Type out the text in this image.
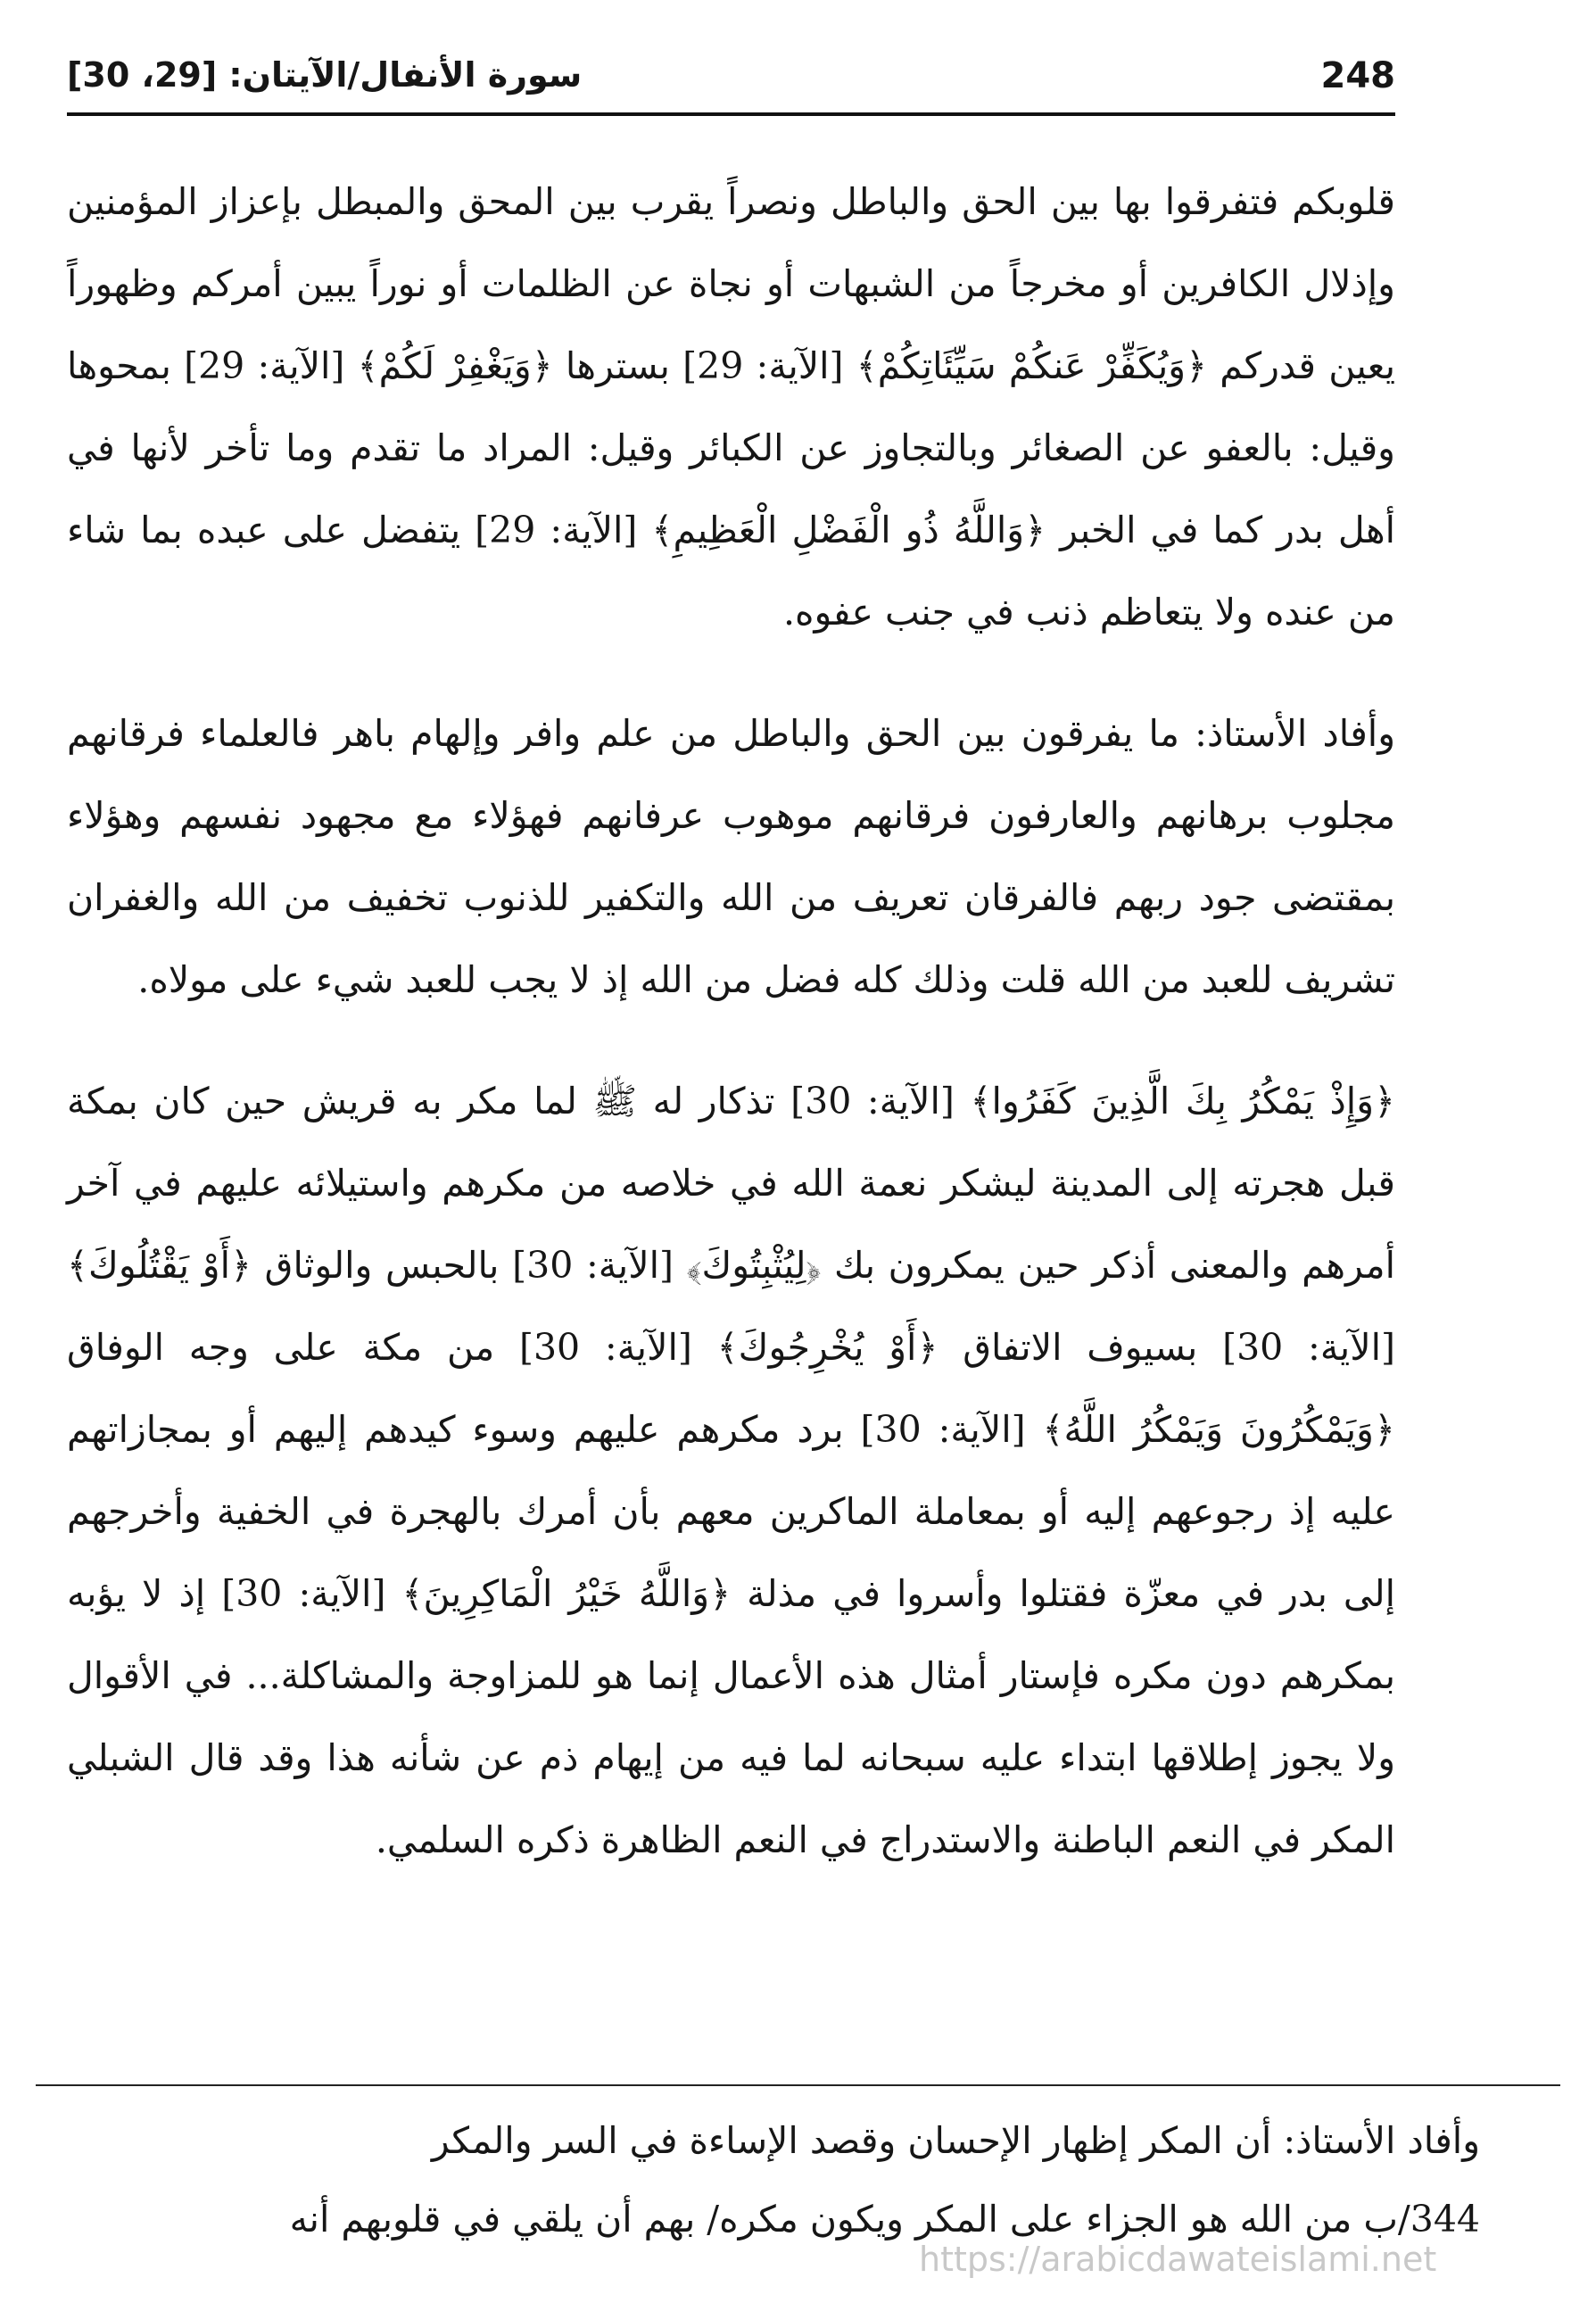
248
سورة الأنفال/الآيتان: [29، 30]

قلوبكم فتفرقوا بها بين الحق والباطل ونصراً يقرب بين المحق والمبطل بإعزاز المؤمنين وإذلال الكافرين أو مخرجاً من الشبهات أو نجاة عن الظلمات أو نوراً يبين أمركم وظهوراً يعين قدركم ﴿وَيُكَفِّرْ عَنكُمْ سَيِّئَاتِكُمْ﴾ [الآية: 29] بسترها ﴿وَيَغْفِرْ لَكُمْ﴾ [الآية: 29] بمحوها وقيل: بالعفو عن الصغائر وبالتجاوز عن الكبائر وقيل: المراد ما تقدم وما تأخر لأنها في أهل بدر كما في الخبر ﴿وَاللَّهُ ذُو الْفَضْلِ الْعَظِيمِ﴾ [الآية: 29] يتفضل على عبده بما شاء من عنده ولا يتعاظم ذنب في جنب عفوه.

وأفاد الأستاذ: ما يفرقون بين الحق والباطل من علم وافر وإلهام باهر فالعلماء فرقانهم مجلوب برهانهم والعارفون فرقانهم موهوب عرفانهم فهؤلاء مع مجهود نفسهم وهؤلاء بمقتضى جود ربهم فالفرقان تعريف من الله والتكفير للذنوب تخفيف من الله والغفران تشريف للعبد من الله قلت وذلك كله فضل من الله إذ لا يجب للعبد شيء على مولاه.

﴿وَإِذْ يَمْكُرُ بِكَ الَّذِينَ كَفَرُوا﴾ [الآية: 30] تذكار له ﷺ لما مكر به قريش حين كان بمكة قبل هجرته إلى المدينة ليشكر نعمة الله في خلاصه من مكرهم واستيلائه عليهم في آخر أمرهم والمعنى أذكر حين يمكرون بك ﴿لِيُثْبِتُوكَ﴾ [الآية: 30] بالحبس والوثاق ﴿أَوْ يَقْتُلُوكَ﴾ [الآية: 30] بسيوف الاتفاق ﴿أَوْ يُخْرِجُوكَ﴾ [الآية: 30] من مكة على وجه الوفاق ﴿وَيَمْكُرُونَ وَيَمْكُرُ اللَّهُ﴾ [الآية: 30] برد مكرهم عليهم وسوء كيدهم إليهم أو بمجازاتهم عليه إذ رجوعهم إليه أو بمعاملة الماكرين معهم بأن أمرك بالهجرة في الخفية وأخرجهم إلى بدر في معزّة فقتلوا وأسروا في مذلة ﴿وَاللَّهُ خَيْرُ الْمَاكِرِينَ﴾ [الآية: 30] إذ لا يؤبه بمكرهم دون مكره فإستار أمثال هذه الأعمال إنما هو للمزاوجة والمشاكلة... في الأقوال ولا يجوز إطلاقها ابتداء عليه سبحانه لما فيه من إيهام ذم عن شأنه هذا وقد قال الشبلي المكر في النعم الباطنة والاستدراج في النعم الظاهرة ذكره السلمي.

وأفاد الأستاذ: أن المكر إظهار الإحسان وقصد الإساءة في السر والمكر
344/ب من الله هو الجزاء على المكر ويكون مكره/ بهم أن يلقي في قلوبهم أنه
https://arabicdawateislami.net
